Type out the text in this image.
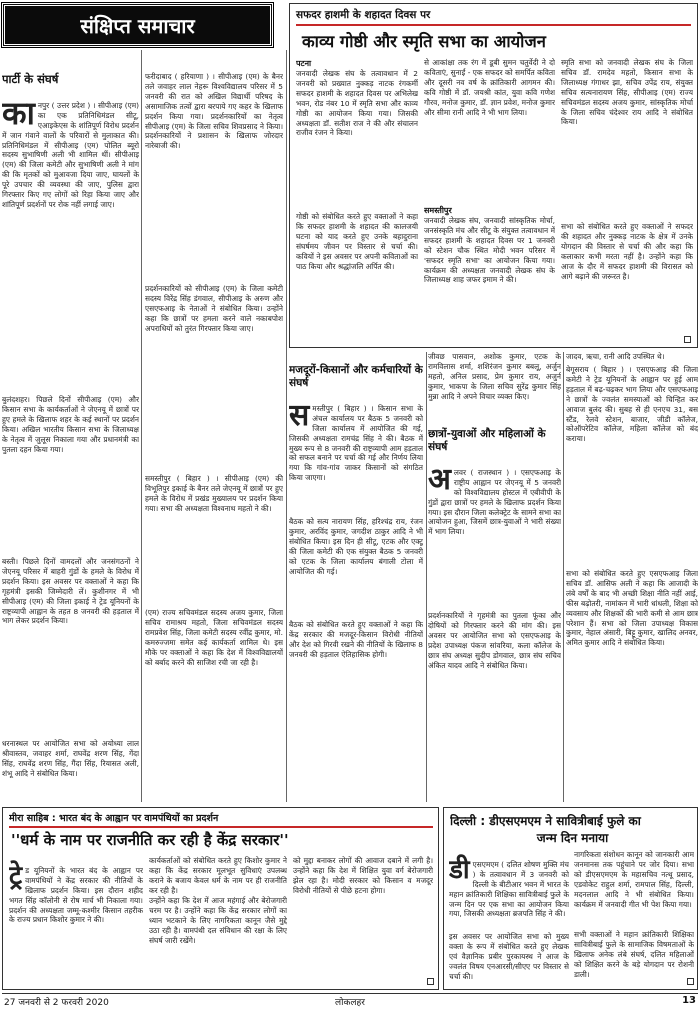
संक्षिप्त समाचार
पार्टी के संघर्ष

कानपुर ( उत्तर प्रदेश ) । सीपीआइ (एम) का एक प्रतिनिधिमंडल सीटू, एआइकेएस के शांतिपूर्ण विरोध प्रदर्शन में जान गंवाने वालों के परिवारों से मुलाकात की। प्रतिनिधिमंडल में सीपीआइ (एम) पोलित ब्यूरो सदस्य सुभाषिणी अली भी शामिल थीं। सीपीआइ (एम) की जिला कमेटी और सुभाषिणी अली ने मांग की कि मृतकों को मुआवजा दिया जाए, घायलों के पूरे उपचार की व्यवस्था की जाए, पुलिस द्वारा गिरफ्तार किए गए लोगों को रिहा किया जाए और शांतिपूर्ण प्रदर्शनों पर रोक नहीं लगाई जाए।

बुलंदशहर। पिछले दिनों सीपीआइ (एम) और किसान सभा के कार्यकर्ताओं ने जेएनयू में छात्रों पर हुए हमले के खिलाफ शहर के कई स्थानों पर प्रदर्शन किया। अखिल भारतीय किसान सभा के जिलाध्यक्ष के नेतृत्व में जुलूस निकाला गया और प्रधानमंत्री का पुतला दहन किया गया।
बस्ती। पिछले दिनों वामदलों और जनसंगठनों ने जेएनयू परिसर में बाहरी गुंडों के हमले के विरोध में प्रदर्शन किया। इस अवसर पर वक्ताओं ने कहा कि गृहमंत्री इसकी जिम्मेदारी लें। कुशीनगर में भी सीपीआइ (एम) की जिला इकाई ने ट्रेड यूनियनों के राष्ट्रव्यापी आह्वान के तहत 8 जनवरी की हड़ताल में भाग लेकर प्रदर्शन किया।
धरनास्थल पर आयोजित सभा को अयोध्या लाल श्रीवास्तव, जवाहर शर्मा, राघवेंद्र शरण सिंह, गेंदा सिंह, राघवेंद्र शरण सिंह, गैंदा सिंह, रियासत अली, शंभू आदि ने संबोधित किया।
फरीदाबाद ( हरियाणा ) । सीपीआइ (एम) के बैनर तले जवाहर लाल नेहरू विश्वविद्यालय परिसर में 5 जनवरी की रात को अखिल विद्यार्थी परिषद के असामाजिक तत्वों द्वारा बरपाये गए कहर के खिलाफ प्रदर्शन किया गया। प्रदर्शनकारियों का नेतृत्व सीपीआइ (एम) के जिला सचिव शिवप्रसाद ने किया। प्रदर्शनकारियों ने प्रशासन के खिलाफ जोरदार नारेबाजी की।
प्रदर्शनकारियों को सीपीआइ (एम) के जिला कमेटी सदस्य विरेंद्र सिंह डंगवाल, सीपीआइ के अरुण और एसएफआइ के नेताओं ने संबोधित किया। उन्होंने कहा कि छात्रों पर हमला करने वाले नकाबपोश अपराधियों को तुरंत गिरफ्तार किया जाए।
समस्तीपुर ( बिहार ) । सीपीआइ (एम) की विभूतिपुर इकाई के बैनर तले जेएनयू में छात्रों पर हुए हमले के विरोध में प्रखंड मुख्यालय पर प्रदर्शन किया गया। सभा की अध्यक्षता विश्वनाथ महतो ने की।
(एम) राज्य सचिवमंडल सदस्य अजय कुमार, जिला सचिव रामाश्रय महतो, जिला सचिवमंडल सदस्य रामप्रवेश सिंह, जिला कमेटी सदस्य रवींद्र कुमार, मो. कमरुज्जमा समेत कई कार्यकर्ता शामिल थे। इस मौके पर वक्ताओं ने कहा कि देश में विश्वविद्यालयों को बर्बाद करने की साजिश रची जा रही है।
सफदर हाशमी के शहादत दिवस पर
काव्य गोष्ठी और स्मृति सभा का आयोजन
पटना
जनवादी लेखक संघ के तत्वावधान में 2 जनवरी को प्रख्यात नुक्कड़ नाटक रंगकर्मी सफदर हाशमी के शहादत दिवस पर अभिलेख भवन, रोड नंबर 10 में स्मृति सभा और काव्य गोष्ठी का आयोजन किया गया। जिसकी अध्यक्षता डॉ. सतीश राज ने की और संचालन राजीव रंजन ने किया।
गोष्ठी को संबोधित करते हुए वक्ताओं ने कहा कि सफदर हाशमी के शहादत की कालजयी घटना को याद करते हुए उनके बहादुराना संघर्षमय जीवन पर विस्तार से चर्चा की। कवियों ने इस अवसर पर अपनी कविताओं का पाठ किया और श्रद्धांजलि अर्पित की।
से आकांक्षा तक रंग में डूबी सुमन चतुर्वेदी ने दो कविताएं, सुनाईं - एक सफदर को समर्पित कविता और दूसरी नव वर्ष के क्रांतिकारी आगमन की। कवि गोष्ठी में डॉ. जयश्री कांत, युवा कवि गणेश गौरव, मनोज कुमार, डॉ. ज्ञान प्रवेश, मनोज कुमार और सीमा रानी आदि ने भी भाग लिया।
समस्तीपुर
जनवादी लेखक संघ, जनवादी सांस्कृतिक मोर्चा, जनसंस्कृति मंच और सीटू के संयुक्त तत्वावधान में सफदर हाशमी के शहादत दिवस पर 1 जनवरी को स्टेशन चौक स्थित मोदी भवन परिसर में 'सफदर स्मृति सभा' का आयोजन किया गया। कार्यक्रम की अध्यक्षता जनवादी लेखक संघ के जिलाध्यक्ष शाह जफर इमाम ने की।
स्मृति सभा को जनवादी लेखक संघ के जिला सचिव डॉ. रामदेव महतो, किसान सभा के जिलाध्यक्ष गंगाधर झा, सचिव उपेंद्र राय, संयुक्त सचिव सत्यनारायण सिंह, सीपीआइ (एम) राज्य सचिवमंडल सदस्य अजय कुमार, सांस्कृतिक मोर्चा के जिला सचिव चंदेश्वर राय आदि ने संबोधित किया।
सभा को संबोधित करते हुए वक्ताओं ने सफदर की शहादत और नुक्कड़ नाटक के क्षेत्र में उनके योगदान की विस्तार से चर्चा की और कहा कि कलाकार कभी मरता नहीं है। उन्होंने कहा कि आज के दौर में सफदर हाशमी की विरासत को आगे बढ़ाने की जरूरत है।
मजदूरों-किसानों और कर्मचारियों के संघर्ष

समस्तीपुर ( बिहार ) । किसान सभा के अंचल कार्यालय पर बैठक 5 जनवरी को जिला कार्यालय में आयोजित की गई, जिसकी अध्यक्षता रामचंद्र सिंह ने की। बैठक में मुख्य रूप से 8 जनवरी की राष्ट्रव्यापी आम हड़ताल को सफल बनाने पर चर्चा की गई और निर्णय लिया गया कि गांव-गांव जाकर किसानों को संगठित किया जाएगा।

बैठक को सत्य नारायण सिंह, हरिश्चंद्र राय, रंजन कुमार, अरविंद कुमार, जगदीश ठाकुर आदि ने भी संबोधित किया। इस दिन ही सीटू, एटक और एक्टू की जिला कमेटी की एक संयुक्त बैठक 5 जनवरी को एटक के जिला कार्यालय बंगाली टोला में आयोजित की गई।
बैठक को संबोधित करते हुए वक्ताओं ने कहा कि केंद्र सरकार की मजदूर-किसान विरोधी नीतियों और देश को गिरवी रखने की नीतियों के खिलाफ 8 जनवरी की हड़ताल ऐतिहासिक होगी।
जीवछ पासवान, अशोक कुमार, एटक के रामविलास शर्मा, शशिरंजन कुमार बबलू, अर्जुन महतो, अनिल प्रसाद, प्रेम कुमार राय, अजुर्न कुमार, भाकपा के जिला सचिव सुरेंद्र कुमार सिंह मुन्ना आदि ने अपने विचार व्यक्त किए।
छात्रों-युवाओं और महिलाओं के संघर्ष

अलवर ( राजस्थान ) । एसएफआइ के राष्ट्रीय आह्वान पर जेएनयू में 5 जनवरी को विश्वविद्यालय होस्टल में एबीवीपी के गुंडों द्वारा छात्रों पर हमले के खिलाफ प्रदर्शन किया गया। इस दौरान जिला कलेक्ट्रेट के सामने सभा का आयोजन हुआ, जिसमें छात्र-युवाओं ने भारी संख्या में भाग लिया।

प्रदर्शनकारियों ने गृहमंत्री का पुतला फूंका और दोषियों को गिरफ्तार करने की मांग की। इस अवसर पर आयोजित सभा को एसएफआइ के प्रदेश उपाध्यक्ष पंकज सांवरिया, कला कॉलेज के छात्र संघ अध्यक्ष सुदीप डोगवाल, छात्र संघ सचिव अंकित यादव आदि ने संबोधित किया।
जादव, ऋचा, रानी आदि उपस्थित थे।
बेगूसराय ( बिहार ) । एसएफआइ की जिला कमेटी ने ट्रेड यूनियनों के आह्वान पर हुई आम हड़ताल में बढ़-चढ़कर भाग लिया और एसएफआइ ने छात्रों के ज्वलंत समस्याओं को चिन्हित कर आवाज बुलंद की। सुबह से ही एनएच 31, बस स्टैंड, रेलवे स्टेशन, बाजार, जीडी कॉलेज, कोऑपरेटिव कॉलेज, महिला कॉलेज को बंद कराया।
सभा को संबोधित करते हुए एसएफआइ जिला सचिव डॉ. आसिफ अली ने कहा कि आजादी के लंबे वर्षों के बाद भी अच्छी शिक्षा नीति नहीं आई, फीस बढ़ोतरी, नामांकन में भारी धांधली, शिक्षा को व्यवसाय और शिक्षकों की भारी कमी से आम छात्र परेशान हैं। सभा को जिला उपाध्यक्ष विकास कुमार, नेहाल अंसारी, बिट्टू कुमार, खालिद अनवर, अमित कुमार आदि ने संबोधित किया।
मीरा साहिब : भारत बंद के आह्वान पर वामपंथियों का प्रदर्शन
''धर्म के नाम पर राजनीति कर रही है केंद्र सरकार''

ट्रे ड यूनियनों के भारत बंद के आह्वान पर वामपंथियों ने केंद्र सरकार की नीतियों के खिलाफ प्रदर्शन किया। इस दौरान शहीद भगत सिंह कॉलोनी से रोष मार्च भी निकाला गया। प्रदर्शन की अध्यक्षता जम्मू-कश्मीर किसान तहरीक के राज्य प्रधान किशोर कुमार ने की।

कार्यकर्ताओं को संबोधित करते हुए किशोर कुमार ने कहा कि केंद्र सरकार मूलभूत सुविधाएं उपलब्ध कराने के बजाय केवल धर्म के नाम पर ही राजनीति कर रही है।
उन्होंने कहा कि देश में आज महंगाई और बेरोजगारी चरम पर है। उन्होंने कहा कि केंद्र सरकार लोगों का ध्यान भटकाने के लिए नागरिकता कानून जैसे मुद्दे उठा रही है। वामपंथी दल संविधान की रक्षा के लिए संघर्ष जारी रखेंगे।
को मुद्दा बनाकर लोगों की आवाज दबाने में लगी है। उन्होंने कहा कि देश में शिक्षित युवा वर्ग बेरोजगारी झेल रहा है। मोदी सरकार को किसान व मजदूर विरोधी नीतियों से पीछे हटना होगा।
दिल्ली : डीएसएमएम ने सावित्रीबाई फुले का
जन्म दिन मनाया

डीएसएमएम ( दलित शोषण मुक्ति मंच ) के तत्वावधान में 3 जनवरी को दिल्ली के बीटीआर भवन में भारत के महान क्रांतिकारी शिक्षिका सावित्रीबाई फुले के जन्म दिन पर एक सभा का आयोजन किया गया, जिसकी अध्यक्षता ब्रजपति सिंह ने की।

इस अवसर पर आयोजित सभा को मुख्य वक्ता के रूप में संबोधित करते हुए लेखक एवं वैज्ञानिक प्रबीर पुरकायस्थ ने आज के ज्वलंत विषय एनआरसी/सीएए पर विस्तार से चर्चा की।
नागरिकता संशोधन कानून को जानकारी आम जनमानस तक पहुंचाने पर जोर दिया। सभा को डीएसएमएम के महासचिव नत्थू प्रसाद, एडवोकेट राहुल शर्मा, रामपाल सिंह, दिल्ली, मदनलाल आदि ने भी संबोधित किया। कार्यक्रम में जनवादी गीत भी पेश किया गया।
सभी वक्ताओं ने महान क्रांतिकारी शिक्षिका सावित्रीबाई फुले के सामाजिक विषमताओं के खिलाफ अनेक लंबे संघर्ष, दलित महिलाओं को शिक्षित करने के बड़े योगदान पर रोशनी डाली।
27 जनवरी से 2 फरवरी 2020	लोकलहर	13
